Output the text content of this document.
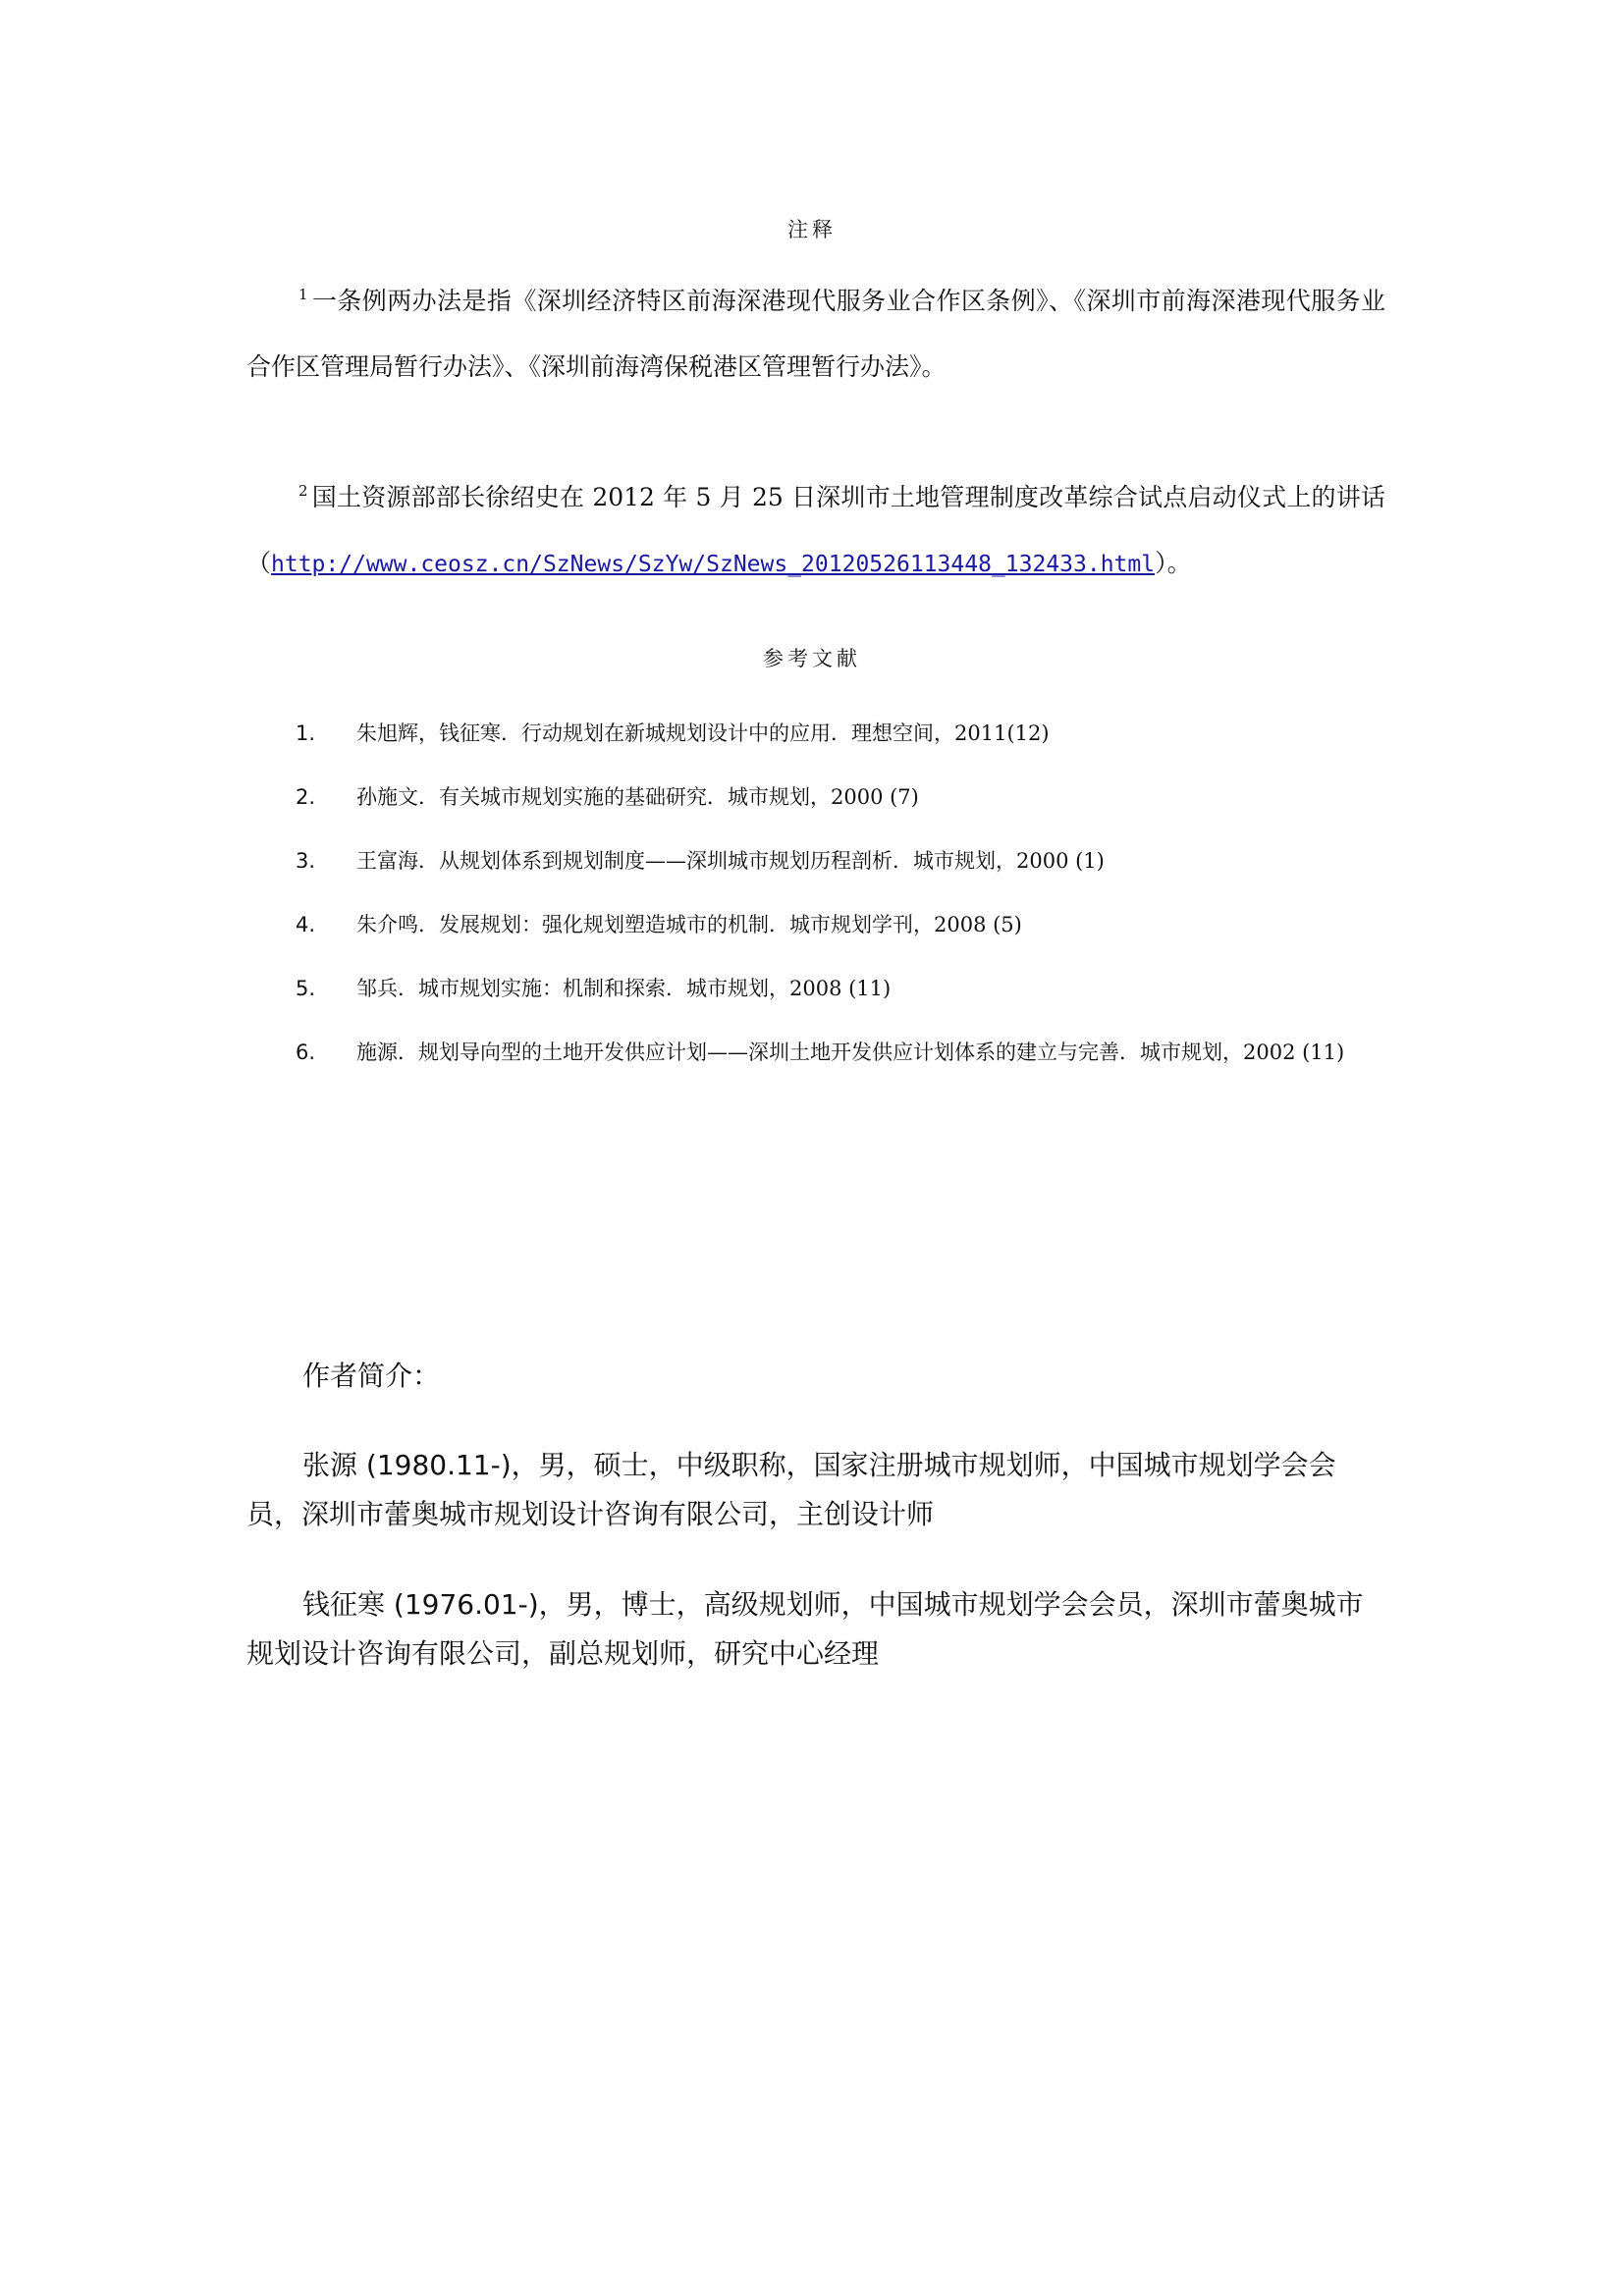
注释
$^1$ 一条例两办法是指《深圳经济特区前海深港现代服务业合作区条例》、《深圳市前海深港现代服务业合作区管理局暂行办法》、《深圳前海湾保税港区管理暂行办法》。
$^2$ 国土资源部部长徐绍史在 2012 年 5 月 25 日深圳市土地管理制度改革综合试点启动仪式上的讲话（http://www.ceosz.cn/SzNews/SzYw/SzNews_20120526113448_132433.html）。
参考文献
1. 朱旭辉，钱征寒．行动规划在新城规划设计中的应用．理想空间，2011(12)
2. 孙施文．有关城市规划实施的基础研究．城市规划，2000 (7)
3. 王富海．从规划体系到规划制度——深圳城市规划历程剖析．城市规划，2000 (1)
4. 朱介鸣．发展规划：强化规划塑造城市的机制．城市规划学刊，2008 (5)
5. 邹兵．城市规划实施：机制和探索．城市规划，2008 (11)
6. 施源．规划导向型的土地开发供应计划——深圳土地开发供应计划体系的建立与完善．城市规划，2002 (11)
作者简介：
张源 (1980.11-)，男，硕士，中级职称，国家注册城市规划师，中国城市规划学会会员，深圳市蕾奥城市规划设计咨询有限公司，主创设计师
钱征寒 (1976.01-)，男，博士，高级规划师，中国城市规划学会会员，深圳市蕾奥城市规划设计咨询有限公司，副总规划师，研究中心经理
